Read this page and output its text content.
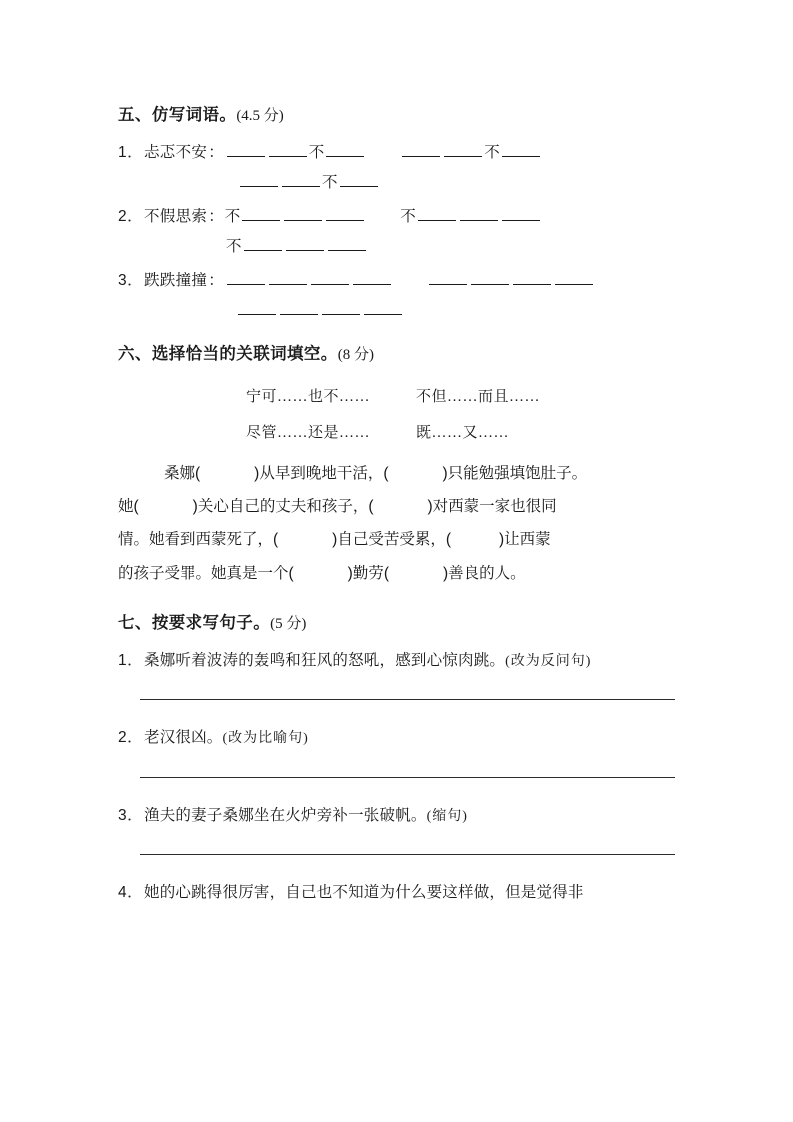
五、仿写词语。(4.5 分)
1． 忐忑不安 ：	不	不
不
2． 不假思索 ： 不	不
不
3． 跌跌撞撞 ：
六、选择恰当的关联词填空。(8 分)
宁可……也不……	不但……而且……
尽管……还是……	既……又……

桑娜(	)从早到晚地干活，(	)只能勉强填饱肚子。

她(	)关心自己的丈夫和孩子，(	)对西蒙一家也很同

情。她看到西蒙死了，(	)自己受苦受累，(	)让西蒙

的孩子受罪。她真是一个(	)勤劳(	)善良的人。

七、按要求写句子。(5 分)
1． 桑娜听着波涛的轰鸣和狂风的怒吼，感到心惊肉跳。 (改为反问句)
2． 老汉很凶。 (改为比喻句)
3． 渔夫的妻子桑娜坐在火炉旁补一张破帆。 (缩句)
4． 她的心跳得很厉害，自己也不知道为什么要这样做，但是觉得非
